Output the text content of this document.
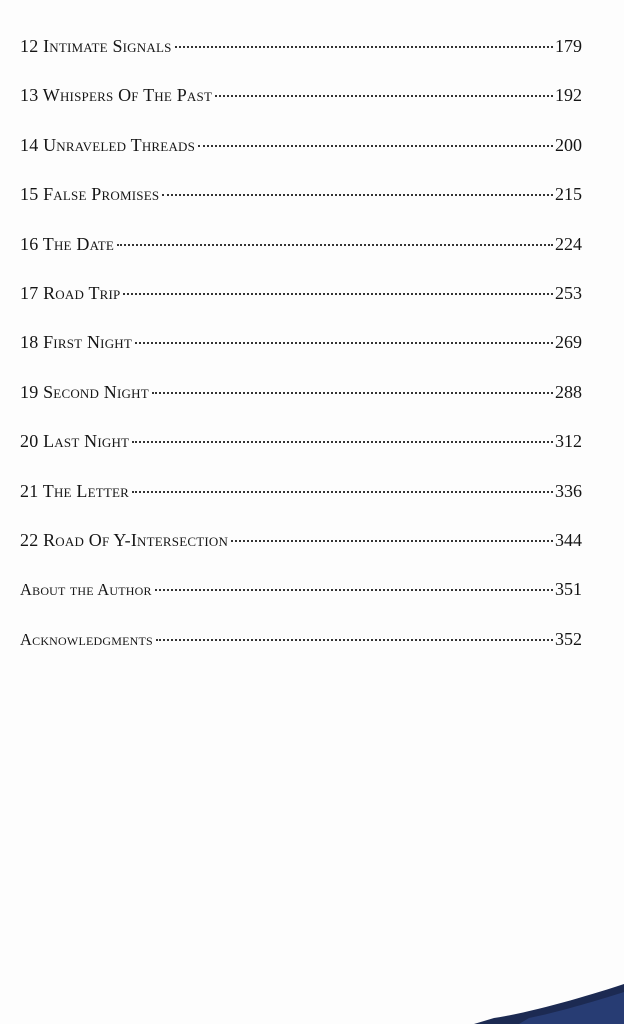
12 Intimate Signals	179
13 Whispers Of The Past	192
14 Unraveled Threads	200
15 False Promises	215
16 The Date	224
17 Road Trip	253
18 First Night	269
19 Second Night	288
20 Last Night	312
21 The Letter	336
22 Road Of Y-Intersection	344
About the Author	351
Acknowledgments	352
